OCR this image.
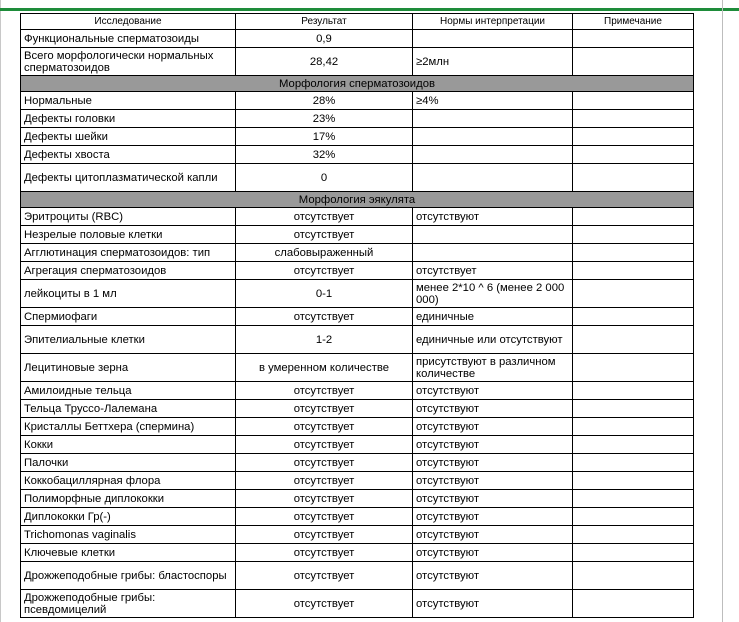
Исследование	Результат	Нормы интерпретации	Примечание
Функциональные сперматозоиды	0,9		
Всего морфологически нормальных сперматозоидов	28,42	≥2млн	
Морфология сперматозоидов			
Нормальные	28%	≥4%	
Дефекты головки	23%		
Дефекты шейки	17%		
Дефекты хвоста	32%		
Дефекты цитоплазматической капли	0		
Морфология эякулята			
Эритроциты (RBC)	отсутствует	отсутствуют	
Незрелые половые клетки	отсутствует		
Агглютинация сперматозоидов: тип	слабовыраженный		
Агрегация сперматозоидов	отсутствует	отсутствует	
лейкоциты в 1 мл	0-1	менее 2*10 ^ 6 (менее 2 000 000)	
Спермиофаги	отсутствует	единичные	
Эпителиальные клетки	1-2	единичные или отсутствуют	
Лецитиновые зерна	в умеренном количестве	присутствуют в различном количестве	
Амилоидные тельца	отсутствует	отсутствуют	
Тельца Труссо-Лалемана	отсутствует	отсутствуют	
Кристаллы Беттхера (спермина)	отсутствует	отсутствуют	
Кокки	отсутствует	отсутствуют	
Палочки	отсутствует	отсутствуют	
Коккобациллярная флора	отсутствует	отсутствуют	
Полиморфные диплококки	отсутствует	отсутствуют	
Диплококки Гр(-)	отсутствует	отсутствуют	
Trichomonas vaginalis	отсутствует	отсутствуют	
Ключевые клетки	отсутствует	отсутствуют	
Дрожжеподобные грибы: бластоспоры	отсутствует	отсутствуют	
Дрожжеподобные грибы: псевдомицелий	отсутствует	отсутствуют	
